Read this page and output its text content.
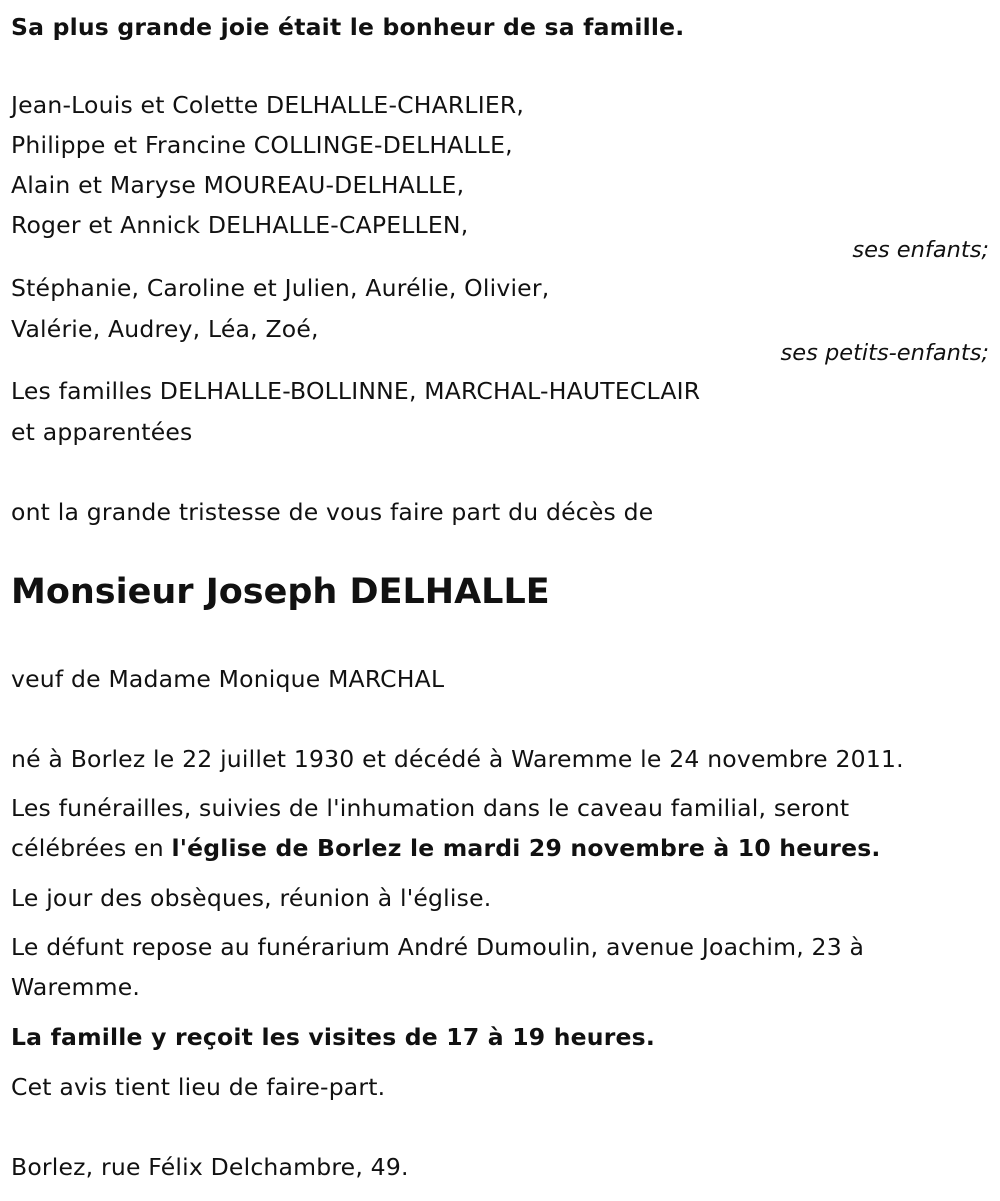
Sa plus grande joie était le bonheur de sa famille.
Jean-Louis et Colette DELHALLE-CHARLIER,
Philippe et Francine COLLINGE-DELHALLE,
Alain et Maryse MOUREAU-DELHALLE,
Roger et Annick DELHALLE-CAPELLEN,
ses enfants;
Stéphanie, Caroline et Julien, Aurélie, Olivier,
Valérie, Audrey, Léa, Zoé,
ses petits-enfants;
Les familles DELHALLE-BOLLINNE, MARCHAL-HAUTECLAIR
et apparentées
ont la grande tristesse de vous faire part du décès de
Monsieur Joseph DELHALLE
veuf de Madame Monique MARCHAL
né à Borlez le 22 juillet 1930 et décédé à Waremme le 24 novembre 2011.
Les funérailles, suivies de l'inhumation dans le caveau familial, seront
célébrées en l'église de Borlez le mardi 29 novembre à 10 heures.
Le jour des obsèques, réunion à l'église.
Le défunt repose au funérarium André Dumoulin, avenue Joachim, 23 à
Waremme.
La famille y reçoit les visites de 17 à 19 heures.
Cet avis tient lieu de faire-part.
Borlez, rue Félix Delchambre, 49.
